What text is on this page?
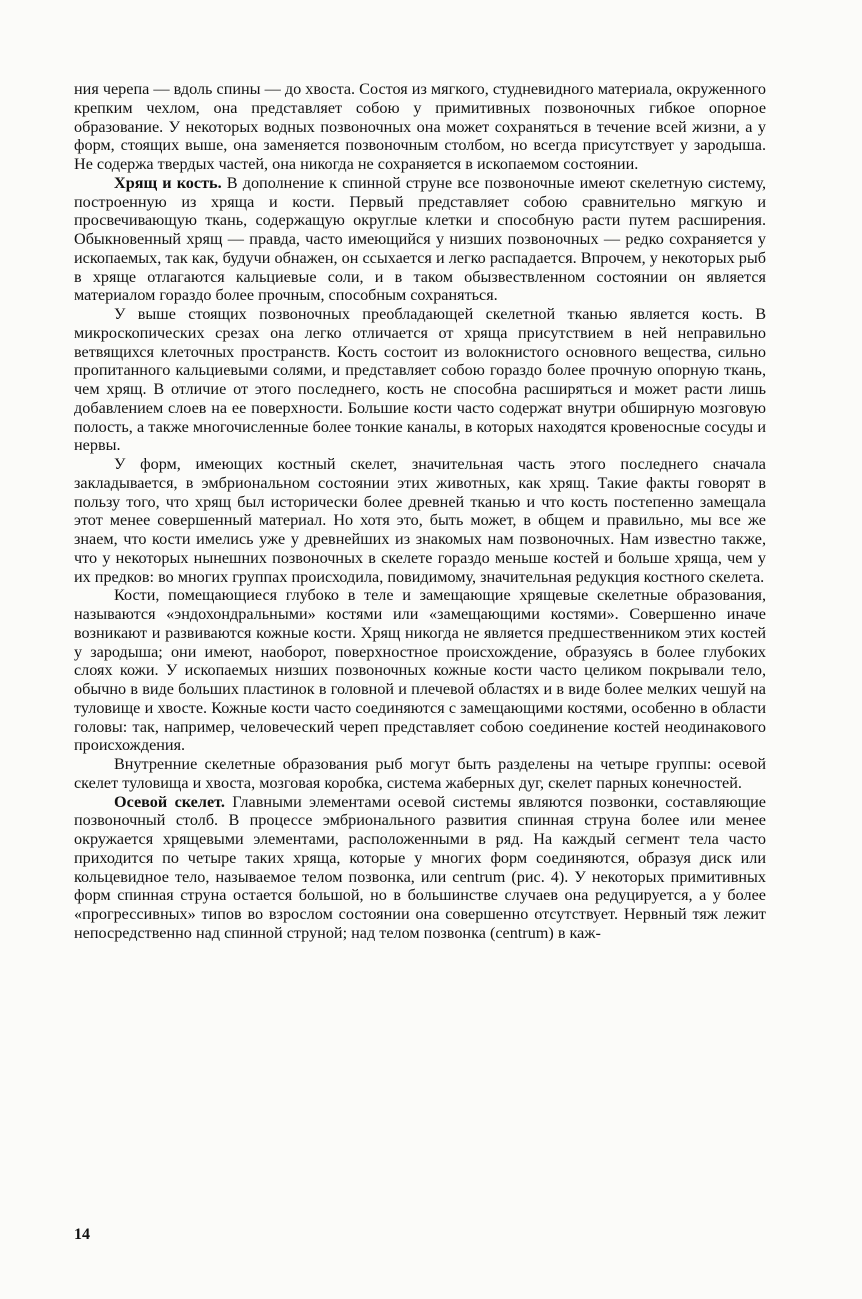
ния черепа — вдоль спины — до хвоста. Состоя из мягкого, студневидного материала, окруженного крепким чехлом, она представляет собою у примитивных позвоночных гибкое опорное образование. У некоторых водных позвоночных она может сохраняться в течение всей жизни, а у форм, стоящих выше, она заменяется позвоночным столбом, но всегда присутствует у зародыша. Не содержа твердых частей, она никогда не сохраняется в ископаемом состоянии.

Хрящ и кость. В дополнение к спинной струне все позвоночные имеют скелетную систему, построенную из хряща и кости. Первый представляет собою сравнительно мягкую и просвечивающую ткань, содержащую округлые клетки и способную расти путем расширения. Обыкновенный хрящ — правда, часто имеющийся у низших позвоночных — редко сохраняется у ископаемых, так как, будучи обнажен, он ссыхается и легко распадается. Впрочем, у некоторых рыб в хряще отлагаются кальциевые соли, и в таком обызвествленном состоянии он является материалом гораздо более прочным, способным сохраняться.

У выше стоящих позвоночных преобладающей скелетной тканью является кость. В микроскопических срезах она легко отличается от хряща присутствием в ней неправильно ветвящихся клеточных пространств. Кость состоит из волокнистого основного вещества, сильно пропитанного кальциевыми солями, и представляет собою гораздо более прочную опорную ткань, чем хрящ. В отличие от этого последнего, кость не способна расширяться и может расти лишь добавлением слоев на ее поверхности. Большие кости часто содержат внутри обширную мозговую полость, а также многочисленные более тонкие каналы, в которых находятся кровеносные сосуды и нервы.

У форм, имеющих костный скелет, значительная часть этого последнего сначала закладывается, в эмбриональном состоянии этих животных, как хрящ. Такие факты говорят в пользу того, что хрящ был исторически более древней тканью и что кость постепенно замещала этот менее совершенный материал. Но хотя это, быть может, в общем и правильно, мы все же знаем, что кости имелись уже у древнейших из знакомых нам позвоночных. Нам известно также, что у некоторых нынешних позвоночных в скелете гораздо меньше костей и больше хряща, чем у их предков: во многих группах происходила, повидимому, значительная редукция костного скелета.

Кости, помещающиеся глубоко в теле и замещающие хрящевые скелетные образования, называются «эндохондральными» костями или «замещающими костями». Совершенно иначе возникают и развиваются кожные кости. Хрящ никогда не является предшественником этих костей у зародыша; они имеют, наоборот, поверхностное происхождение, образуясь в более глубоких слоях кожи. У ископаемых низших позвоночных кожные кости часто целиком покрывали тело, обычно в виде больших пластинок в головной и плечевой областях и в виде более мелких чешуй на туловище и хвосте. Кожные кости часто соединяются с замещающими костями, особенно в области головы: так, например, человеческий череп представляет собою соединение костей неодинакового происхождения.

Внутренние скелетные образования рыб могут быть разделены на четыре группы: осевой скелет туловища и хвоста, мозговая коробка, система жаберных дуг, скелет парных конечностей.

Осевой скелет. Главными элементами осевой системы являются позвонки, составляющие позвоночный столб. В процессе эмбрионального развития спинная струна более или менее окружается хрящевыми элементами, расположенными в ряд. На каждый сегмент тела часто приходится по четыре таких хряща, которые у многих форм соединяются, образуя диск или кольцевидное тело, называемое телом позвонка, или centrum (рис. 4). У некоторых примитивных форм спинная струна остается большой, но в большинстве случаев она редуцируется, а у более «прогрессивных» типов во взрослом состоянии она совершенно отсутствует. Нервный тяж лежит непосредственно над спинной струной; над телом позвонка (centrum) в каж-

14
